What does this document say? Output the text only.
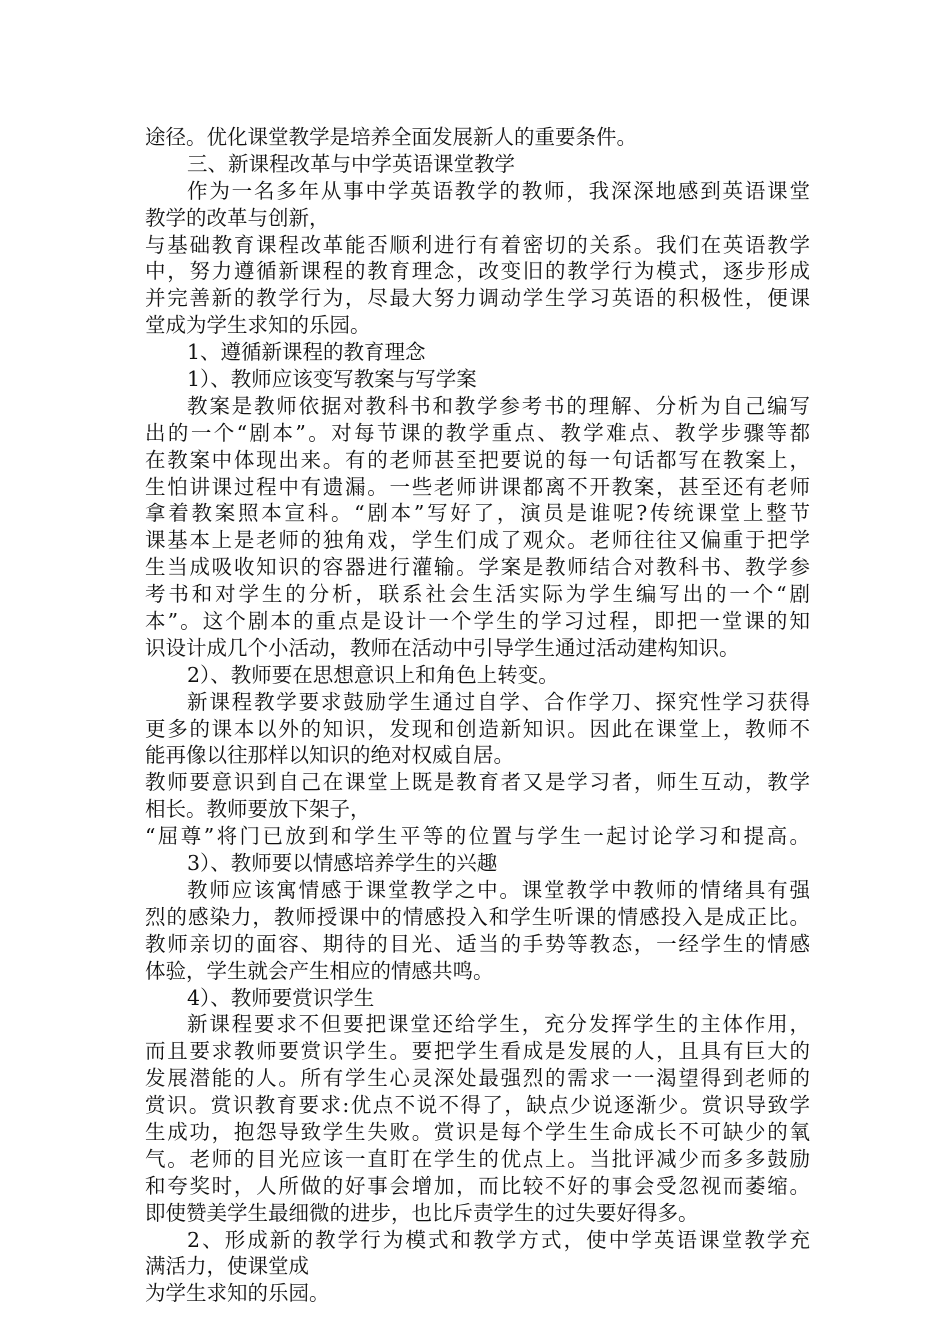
途径。优化课堂教学是培养全面发展新人的重要条件。
三、新课程改革与中学英语课堂教学
作为一名多年从事中学英语教学的教师，我深深地感到英语课堂
教学的改革与创新，
与基础教育课程改革能否顺利进行有着密切的关系。我们在英语教学
中，努力遵循新课程的教育理念，改变旧的教学行为模式，逐步形成
并完善新的教学行为，尽最大努力调动学生学习英语的积极性，便课
堂成为学生求知的乐园。
1、遵循新课程的教育理念
1）、教师应该变写教案与写学案
教案是教师依据对教科书和教学参考书的理解、分析为自己编写
出的一个“剧本”。对每节课的教学重点、教学难点、教学步骤等都
在教案中体现出来。有的老师甚至把要说的每一句话都写在教案上，
生怕讲课过程中有遗漏。一些老师讲课都离不开教案，甚至还有老师
拿着教案照本宣科。“剧本”写好了，演员是谁呢?传统课堂上整节
课基本上是老师的独角戏，学生们成了观众。老师往往又偏重于把学
生当成吸收知识的容器进行灌输。学案是教师结合对教科书、教学参
考书和对学生的分析，联系社会生活实际为学生编写出的一个“剧
本”。这个剧本的重点是设计一个学生的学习过程，即把一堂课的知
识设计成几个小活动，教师在活动中引导学生通过活动建构知识。
2）、教师要在思想意识上和角色上转变。
新课程教学要求鼓励学生通过自学、合作学刀、探究性学习获得
更多的课本以外的知识，发现和创造新知识。因此在课堂上，教师不
能再像以往那样以知识的绝对权威自居。
教师要意识到自己在课堂上既是教育者又是学习者，师生互动，教学
相长。教师要放下架子，
“屈尊”将门已放到和学生平等的位置与学生一起讨论学习和提高。
3）、教师要以情感培养学生的兴趣
教师应该寓情感于课堂教学之中。课堂教学中教师的情绪具有强
烈的感染力，教师授课中的情感投入和学生听课的情感投入是成正比。
教师亲切的面容、期待的目光、适当的手势等教态，一经学生的情感
体验，学生就会产生相应的情感共鸣。
4）、教师要赏识学生
新课程要求不但要把课堂还给学生，充分发挥学生的主体作用，
而且要求教师要赏识学生。要把学生看成是发展的人，且具有巨大的
发展潜能的人。所有学生心灵深处最强烈的需求一一渴望得到老师的
赏识。赏识教育要求:优点不说不得了，缺点少说逐渐少。赏识导致学
生成功，抱怨导致学生失败。赏识是每个学生生命成长不可缺少的氧
气。老师的目光应该一直盯在学生的优点上。当批评减少而多多鼓励
和夸奖时，人所做的好事会增加，而比较不好的事会受忽视而萎缩。
即使赞美学生最细微的进步，也比斥责学生的过失要好得多。
2、形成新的教学行为模式和教学方式，使中学英语课堂教学充
满活力，使课堂成
为学生求知的乐园。
